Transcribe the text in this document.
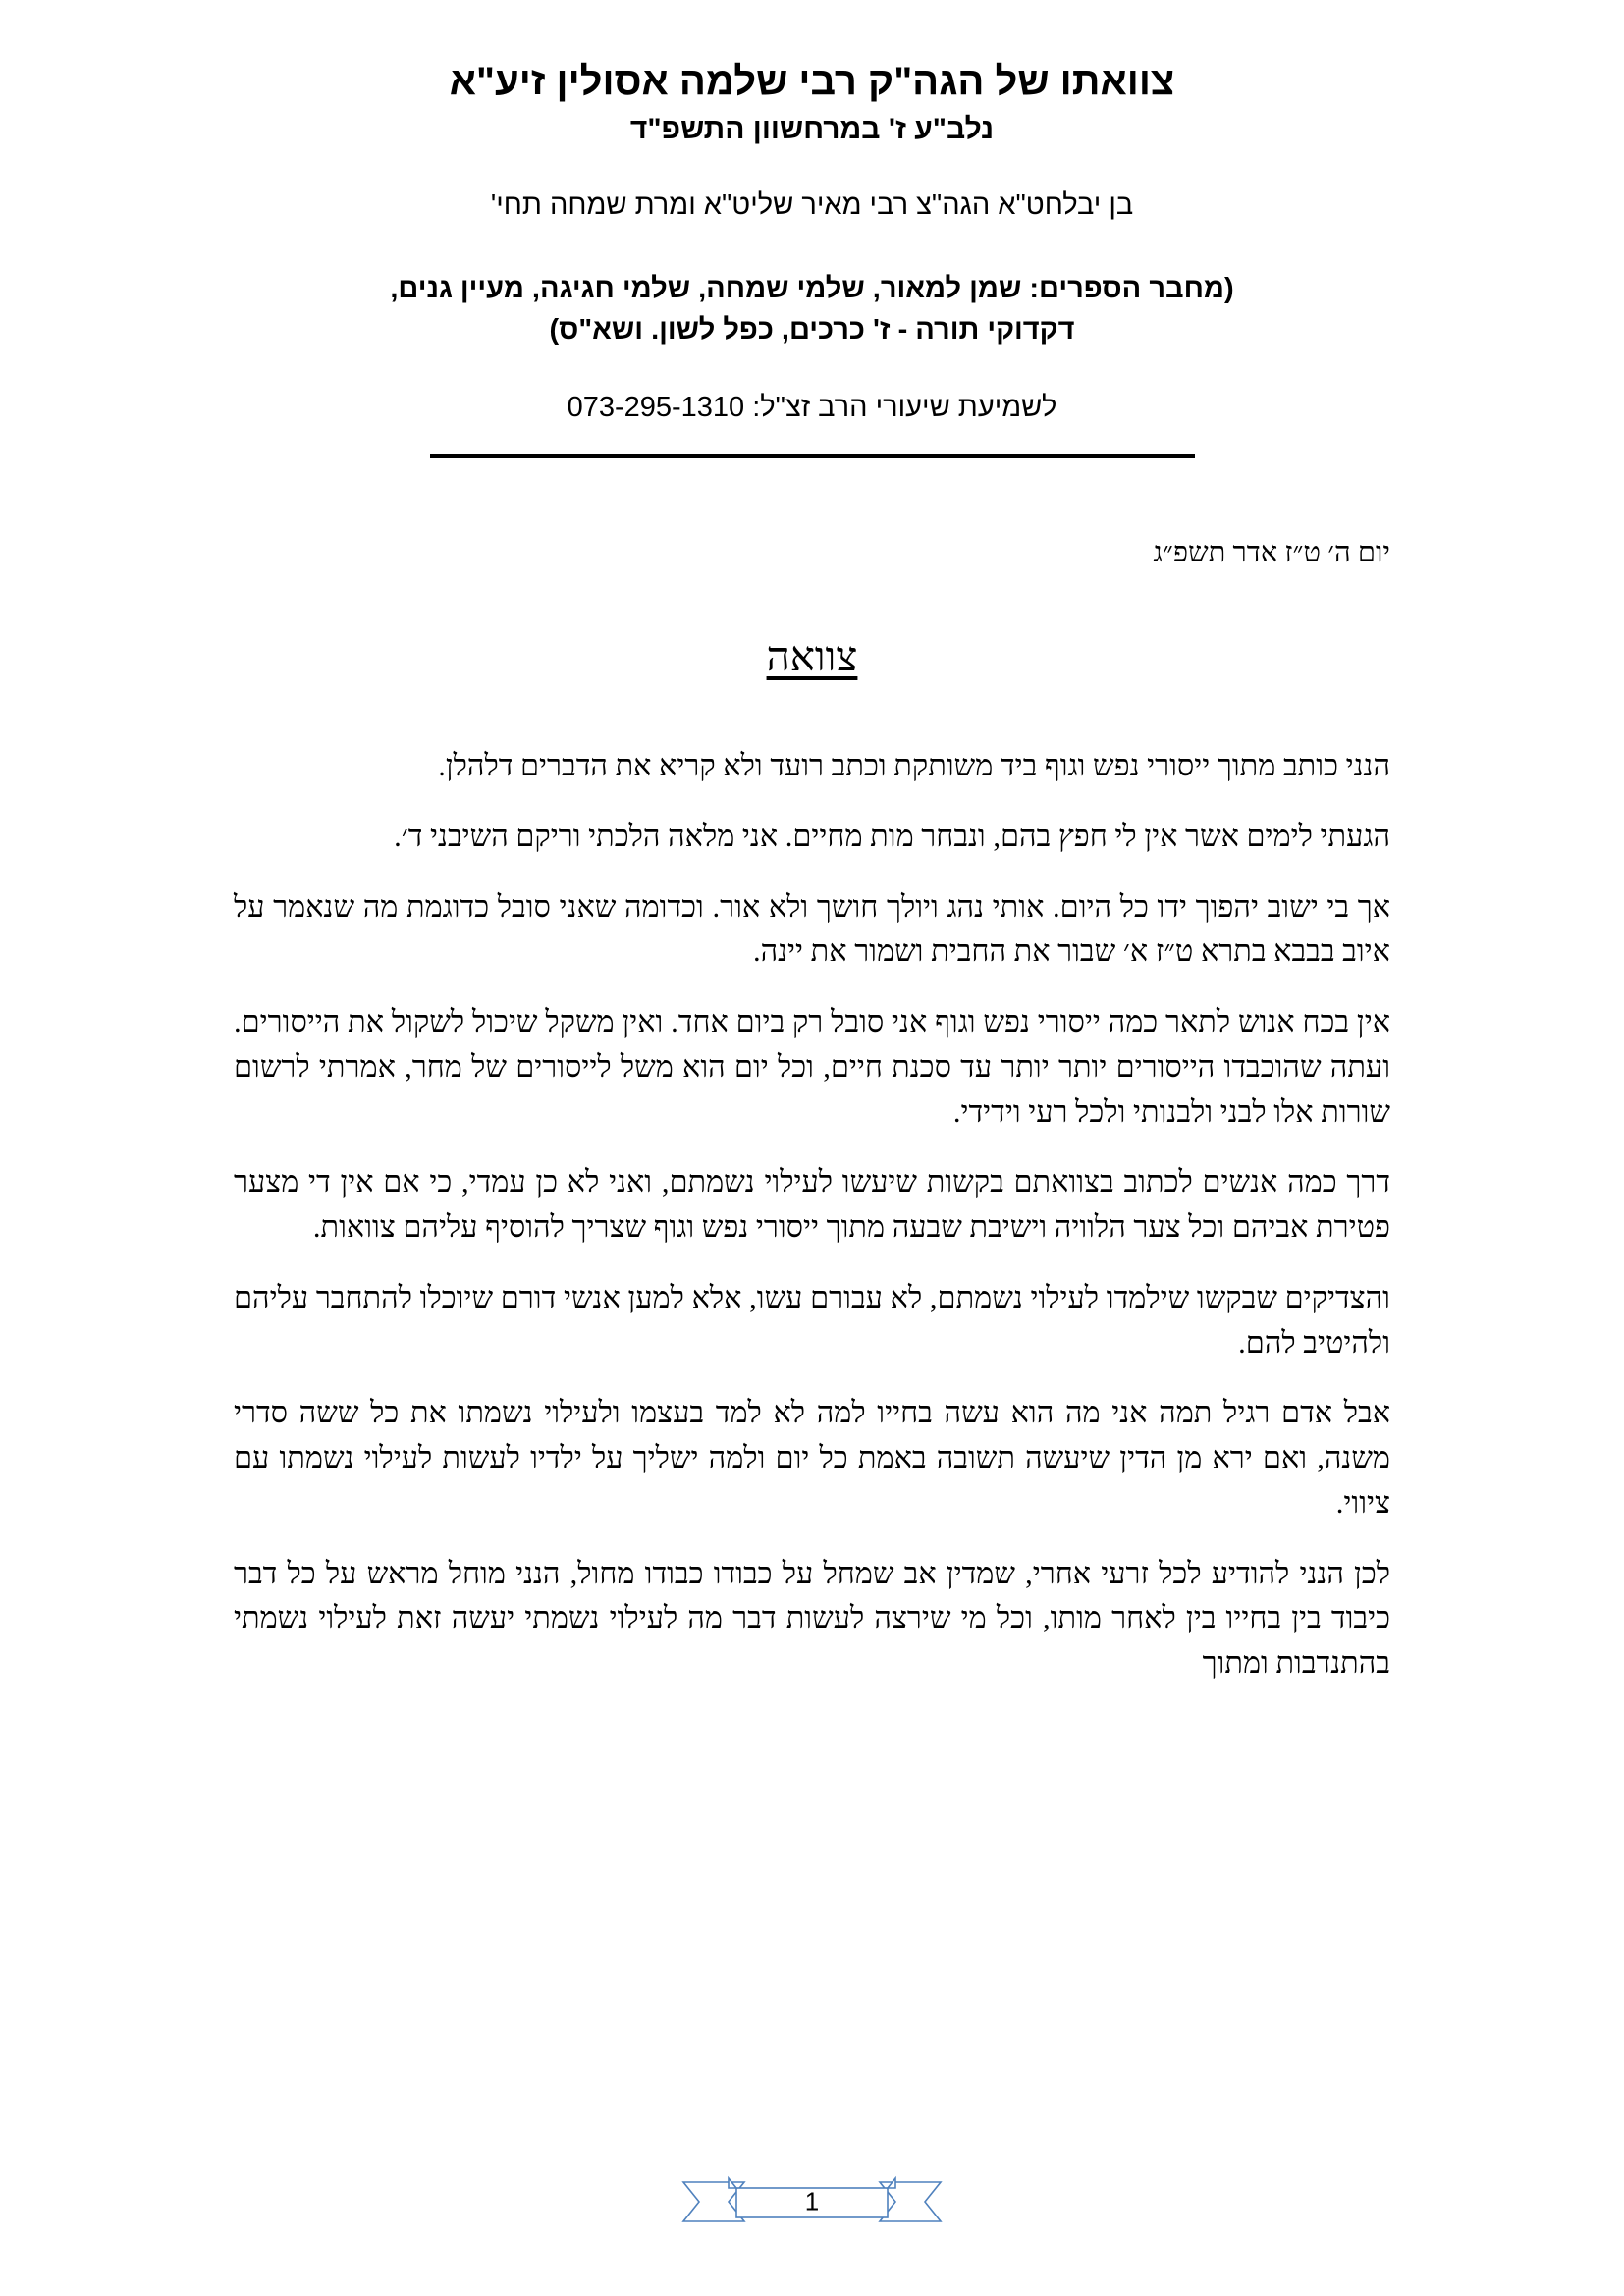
צוואתו של הגה"ק רבי שלמה אסולין זיע"א
נלב"ע ז' במרחשוון התשפ"ד
בן יבלחט"א הגה"צ רבי מאיר שליט"א ומרת שמחה תחי'
(מחבר הספרים: שמן למאור, שלמי שמחה, שלמי חגיגה, מעיין גנים,
דקדוקי תורה - ז' כרכים, כפל לשון. ושא"ס)
לשמיעת שיעורי הרב זצ"ל: 073-295-1310
יום ה׳ ט״ז אדר תשפ״ג
צוואה

הנני כותב מתוך ייסורי נפש וגוף ביד משותקת וכתב רועד ולא קריא את הדברים דלהלן.

הגעתי לימים אשר אין לי חפץ בהם, ונבחר מות מחיים. אני מלאה הלכתי וריקם השיבני ד׳.

אך בי ישוב יהפוך ידו כל היום. אותי נהג ויולך חושך ולא אור. וכדומה שאני סובל כדוגמת מה שנאמר על איוב בבבא בתרא ט״ז א׳ שבור את החבית ושמור את יינה.

אין בכח אנוש לתאר כמה ייסורי נפש וגוף אני סובל רק ביום אחד. ואין משקל שיכול לשקול את הייסורים. ועתה שהוכבדו הייסורים יותר יותר עד סכנת חיים, וכל יום הוא משל לייסורים של מחר, אמרתי לרשום שורות אלו לבני ולבנותי ולכל רעי וידידי.

דרך כמה אנשים לכתוב בצוואתם בקשות שיעשו לעילוי נשמתם, ואני לא כן עמדי, כי אם אין די מצער פטירת אביהם וכל צער הלוויה וישיבת שבעה מתוך ייסורי נפש וגוף שצריך להוסיף עליהם צוואות.

והצדיקים שבקשו שילמדו לעילוי נשמתם, לא עבורם עשו, אלא למען אנשי דורם שיוכלו להתחבר עליהם ולהיטיב להם.

אבל אדם רגיל תמה אני מה הוא עשה בחייו למה לא למד בעצמו ולעילוי נשמתו את כל ששה סדרי משנה, ואם ירא מן הדין שיעשה תשובה באמת כל יום ולמה ישליך על ילדיו לעשות לעילוי נשמתו עם ציווי.

לכן הנני להודיע לכל זרעי אחרי, שמדין אב שמחל על כבודו כבודו מחול, הנני מוחל מראש על כל דבר כיבוד בין בחייו בין לאחר מותו, וכל מי שירצה לעשות דבר מה לעילוי נשמתי יעשה זאת לעילוי נשמתי בהתנדבות ומתוך

1
